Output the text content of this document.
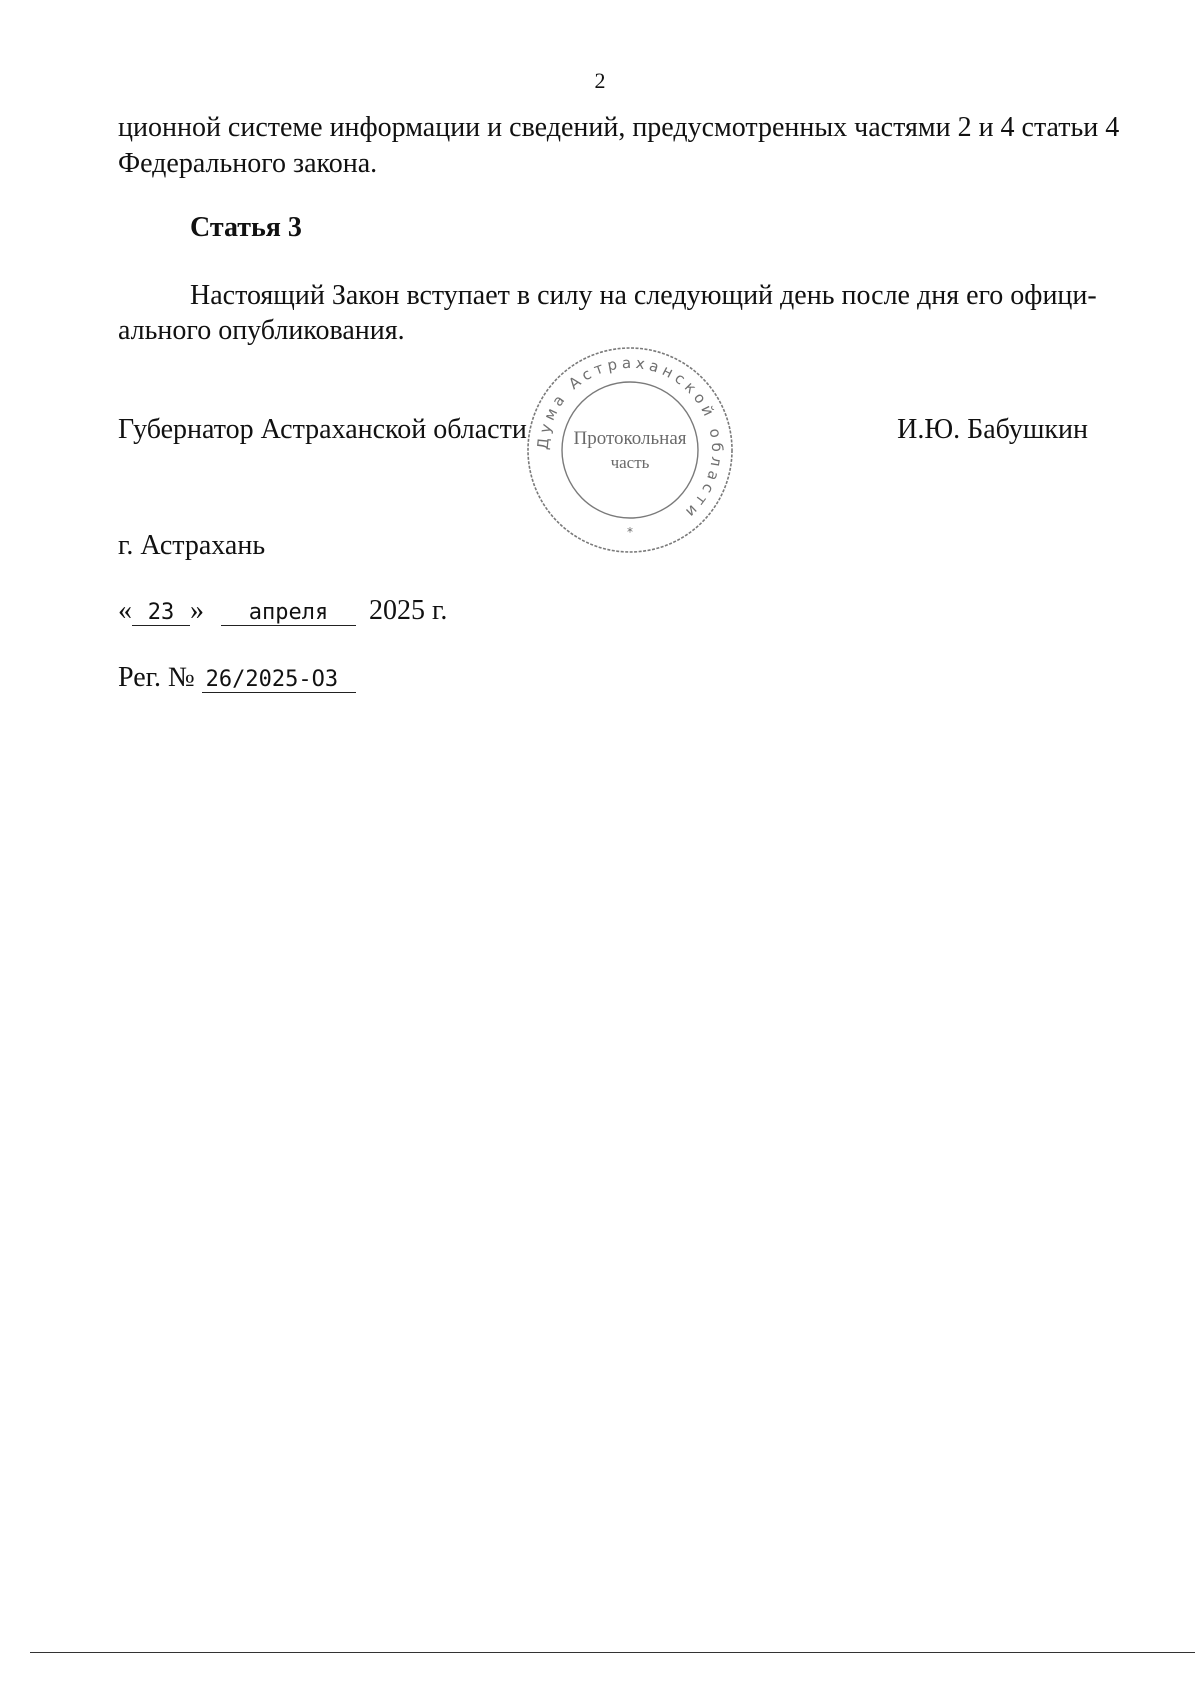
2
ционной системе информации и сведений, предусмотренных частями 2 и 4 статьи 4
Федерального закона.
Статья 3
Настоящий Закон вступает в силу на следующий день после дня его офици-
ального опубликования.
Губернатор Астраханской области	И.Ю. Бабушкин
Дума Астраханской области
Протокольная
часть
*
г. Астрахань
« 23 » апреля 2025 г.
Рег. № 26/2025-ОЗ
